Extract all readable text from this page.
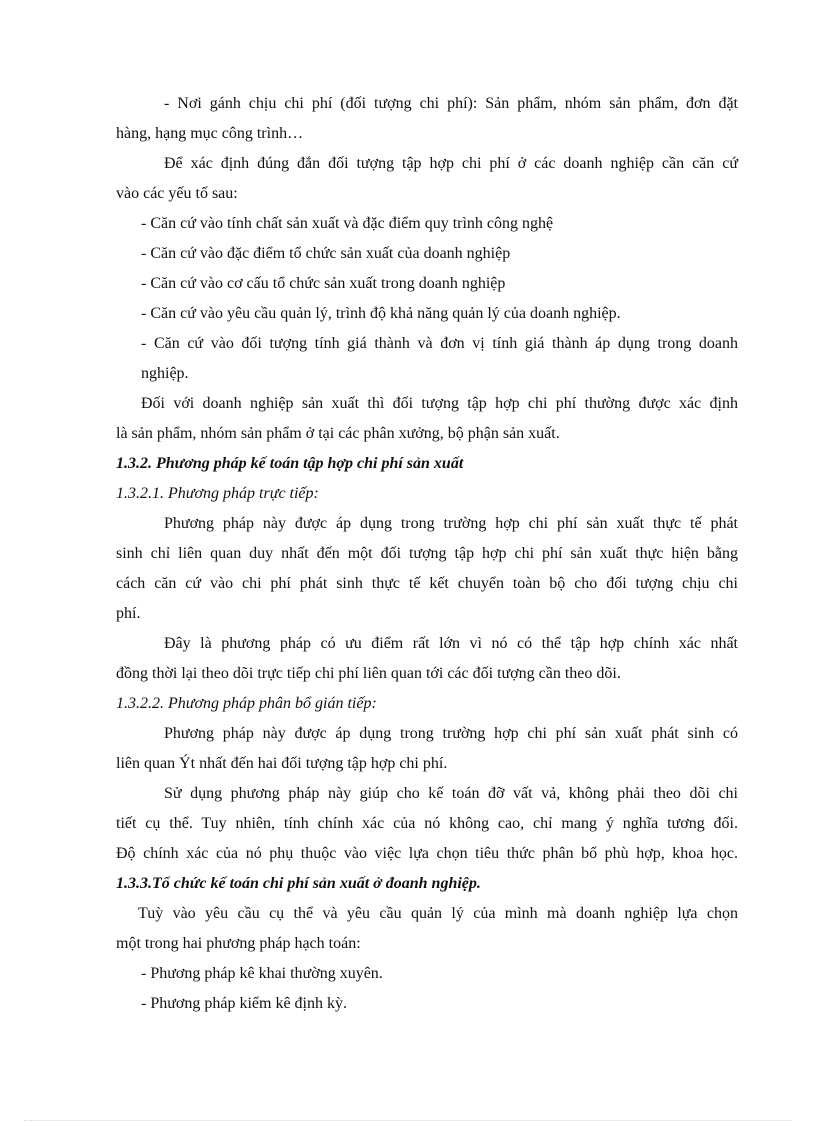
- Nơi gánh chịu chi phí (đối tượng chi phí): Sản phẩm, nhóm sản phẩm, đơn đặt
hàng, hạng mục công trình…
Để xác định đúng đắn đối tượng tập hợp chi phí ở các doanh nghiệp cần căn cứ
vào các yếu tố sau:
- Căn cứ vào tính chất sản xuất và đặc điểm quy trình công nghệ
- Căn cứ vào đặc điểm tổ chức sản xuất của doanh nghiệp
- Căn cứ vào cơ cấu tổ chức sản xuất trong doanh nghiệp
- Căn cứ vào yêu cầu quản lý, trình độ khả năng quản lý của doanh nghiệp.
- Căn cứ vào đối tượng tính giá thành và đơn vị tính giá thành áp dụng trong doanh
nghiệp.
Đối với doanh nghiệp sản xuất thì đối tượng tập hợp chi phí thường được xác định
là sản phẩm, nhóm sản phẩm ở tại các phân xưởng, bộ phận sản xuất.
1.3.2. Phương pháp kế toán tập hợp chi phí sản xuất
1.3.2.1. Phương pháp trực tiếp:
Phương pháp này được áp dụng trong trường hợp chi phí sản xuất thực tế phát
sinh chỉ liên quan duy nhất đến một đối tượng tập hợp chi phí sản xuất thực hiện bằng
cách căn cứ vào chi phí phát sinh thực tế kết chuyển toàn bộ cho đối tượng chịu chi
phí.
Đây là phương pháp có ưu điểm rất lớn vì nó có thể tập hợp chính xác nhất
đồng thời lại theo dõi trực tiếp chi phí liên quan tới các đối tượng cần theo dõi.
1.3.2.2. Phương pháp phân bổ gián tiếp:
Phương pháp này được áp dụng trong trường hợp chi phí sản xuất phát sinh có
liên quan Ýt nhất đến hai đối tượng tập hợp chi phí.
Sử dụng phương pháp này giúp cho kế toán đỡ vất vả, không phải theo dõi chi
tiết cụ thể. Tuy nhiên, tính chính xác của nó không cao, chỉ mang ý nghĩa tương đối.
Độ chính xác của nó phụ thuộc vào việc lựa chọn tiêu thức phân bổ phù hợp, khoa học.
1.3.3.Tổ chức kế toán chi phí sản xuất ở đoanh nghiệp.
Tuỳ vào yêu cầu cụ thể và yêu cầu quản lý của mình mà doanh nghiệp lựa chọn
một trong hai phương pháp hạch toán:
- Phương pháp kê khai thường xuyên.
- Phương pháp kiểm kê định kỳ.
